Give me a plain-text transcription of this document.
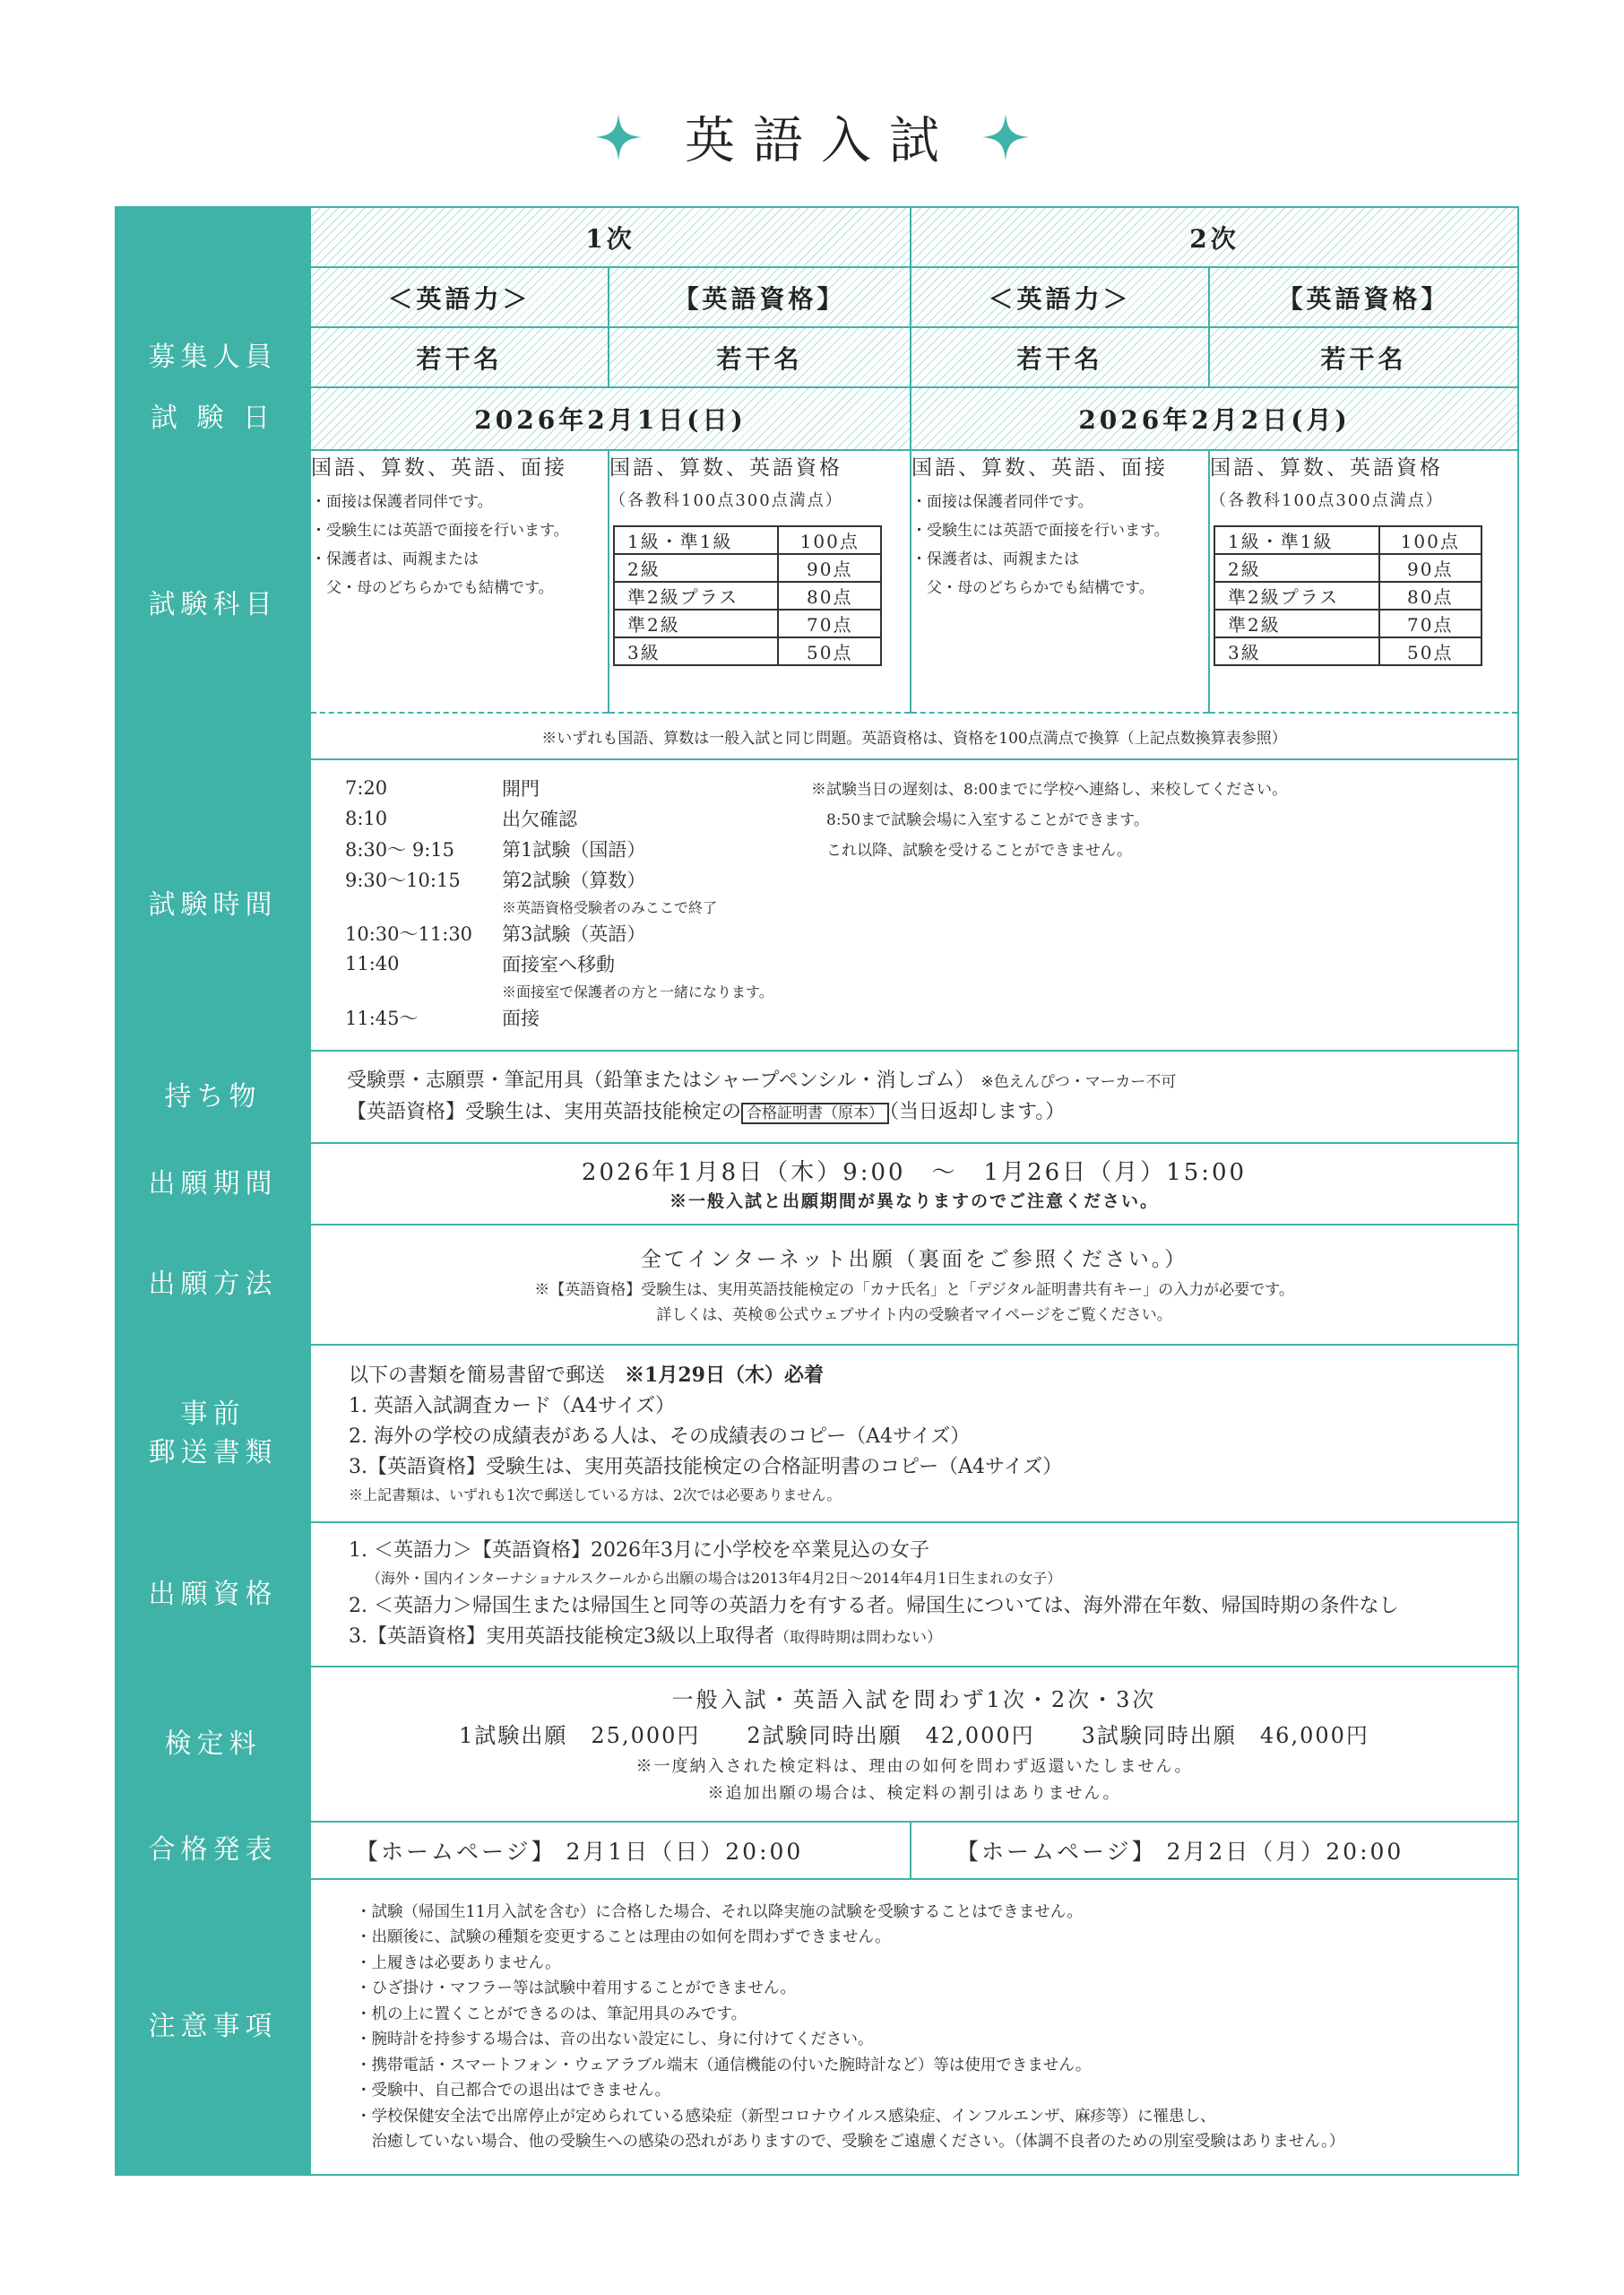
英語入試
	1次	2次
＜英語力＞	【英語資格】	＜英語力＞	【英語資格】
募集人員	若干名	若干名	若干名	若干名
試 験 日	2026年2月1日(日)	2026年2月2日(月)
試験科目	
国語、算数、英語、面接
・面接は保護者同伴です。
・受験生には英語で面接を行います。
・保護者は、両親または
　父・母のどちらかでも結構です。

国語、算数、英語資格
（各教科100点300点満点）
1級・準1級	100点
2級	90点
準2級プラス	80点
準2級	70点
3級	50点

国語、算数、英語、面接
・面接は保護者同伴です。
・受験生には英語で面接を行います。
・保護者は、両親または
　父・母のどちらかでも結構です。

国語、算数、英語資格
（各教科100点300点満点）
1級・準1級	100点
2級	90点
準2級プラス	80点
準2級	70点
3級	50点

※いずれも国語、算数は一般入試と同じ問題。英語資格は、資格を100点満点で換算（上記点数換算表参照）
試験時間	
7:20	開門
8:10	出欠確認
8:30～ 9:15	第1試験（国語）
9:30～10:15	第2試験（算数）
※英語資格受験者のみここで終了
10:30～11:30	第3試験（英語）
11:40	面接室へ移動
※面接室で保護者の方と一緒になります。
11:45～	面接
※試験当日の遅刻は、8:00までに学校へ連絡し、来校してください。
　8:50まで試験会場に入室することができます。
　これ以降、試験を受けることができません。

持ち物	
受験票・志願票・筆記用具（鉛筆またはシャープペンシル・消しゴム） ※色えんぴつ・マーカー不可
【英語資格】受験生は、実用英語技能検定の 合格証明書（原本） （当日返却します。）

出願期間	2026年1月8日（木）9:00　～　1月26日（月）15:00
※一般入試と出願期間が異なりますのでご注意ください。

出願方法	
全てインターネット出願（裏面をご参照ください。）
※【英語資格】受験生は、実用英語技能検定の「カナ氏名」と「デジタル証明書共有キー」の入力が必要です。
詳しくは、英検®公式ウェブサイト内の受験者マイページをご覧ください。

事前
郵送書類

以下の書類を簡易書留で郵送　 ※1月29日（木）必着
1. 英語入試調査カード（A4サイズ）
2. 海外の学校の成績表がある人は、その成績表のコピー（A4サイズ）
3.【英語資格】受験生は、実用英語技能検定の合格証明書のコピー（A4サイズ）
※上記書類は、いずれも1次で郵送している方は、2次では必要ありません。

出願資格	
1. ＜英語力＞【英語資格】2026年3月に小学校を卒業見込の女子
（海外・国内インターナショナルスクールから出願の場合は2013年4月2日～2014年4月1日生まれの女子）
2. ＜英語力＞帰国生または帰国生と同等の英語力を有する者。帰国生については、海外滞在年数、帰国時期の条件なし
3.【英語資格】実用英語技能検定3級以上取得者（取得時期は問わない）

検定料	
一般入試・英語入試を問わず1次・2次・3次
1試験出願　25,000円　　2試験同時出願　42,000円　　3試験同時出願　46,000円
※一度納入された検定料は、理由の如何を問わず返還いたしません。
※追加出願の場合は、検定料の割引はありません。

合格発表	【ホームページ】 2月1日（日）20:00	【ホームページ】 2月2日（月）20:00
注意事項	
・試験（帰国生11月入試を含む）に合格した場合、それ以降実施の試験を受験することはできません。
・出願後に、試験の種類を変更することは理由の如何を問わずできません。
・上履きは必要ありません。
・ひざ掛け・マフラー等は試験中着用することができません。
・机の上に置くことができるのは、筆記用具のみです。
・腕時計を持参する場合は、音の出ない設定にし、身に付けてください。
・携帯電話・スマートフォン・ウェアラブル端末（通信機能の付いた腕時計など）等は使用できません。
・受験中、自己都合での退出はできません。
・学校保健安全法で出席停止が定められている感染症（新型コロナウイルス感染症、インフルエンザ、麻疹等）に罹患し、
　治癒していない場合、他の受験生への感染の恐れがありますので、受験をご遠慮ください。（体調不良者のための別室受験はありません。）
